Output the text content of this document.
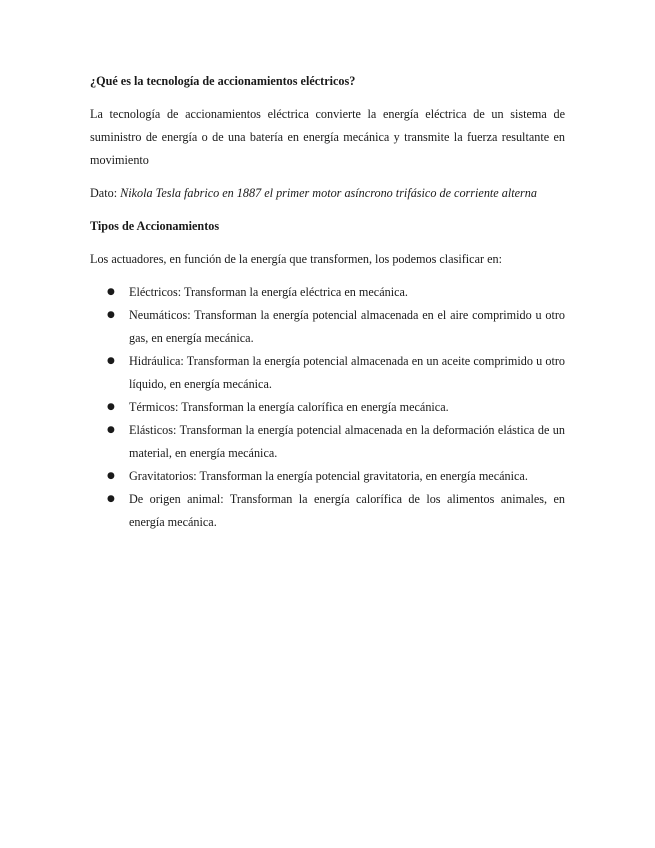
¿Qué es la tecnología de accionamientos eléctricos?

La tecnología de accionamientos eléctrica convierte la energía eléctrica de un sistema de suministro de energía o de una batería en energía mecánica y transmite la fuerza resultante en movimiento

Dato: Nikola Tesla fabrico en 1887 el primer motor asíncrono trifásico de corriente alterna

Tipos de Accionamientos

Los actuadores, en función de la energía que transformen, los podemos clasificar en:

● Eléctricos: Transforman la energía eléctrica en mecánica.
● Neumáticos: Transforman la energía potencial almacenada en el aire comprimido u otro gas, en energía mecánica.
● Hidráulica: Transforman la energía potencial almacenada en un aceite comprimido u otro líquido, en energía mecánica.
● Térmicos: Transforman la energía calorífica en energía mecánica.
● Elásticos: Transforman la energía potencial almacenada en la deformación elástica de un material, en energía mecánica.
● Gravitatorios: Transforman la energía potencial gravitatoria, en energía mecánica.
● De origen animal: Transforman la energía calorífica de los alimentos animales, en energía mecánica.
